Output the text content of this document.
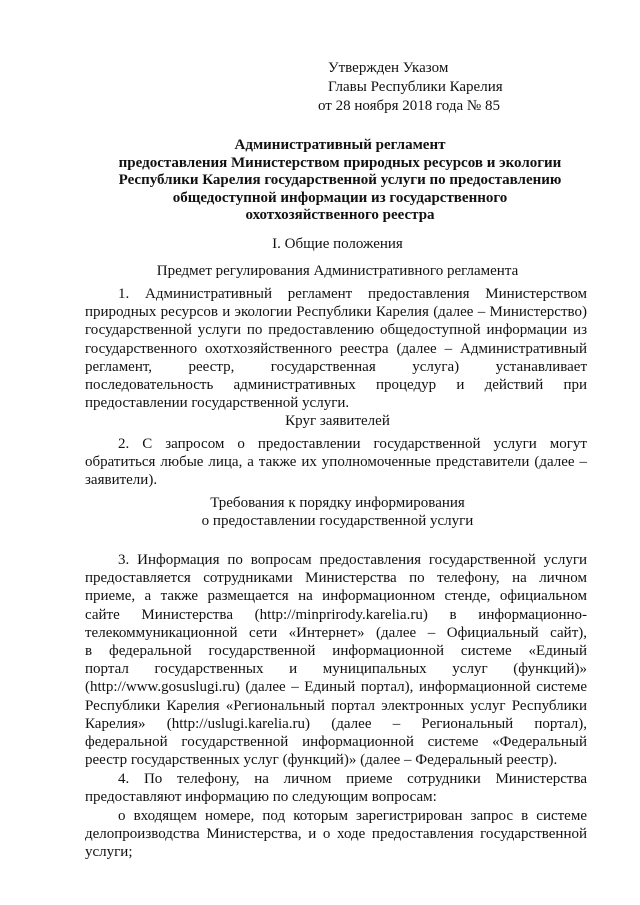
Утвержден Указом
Главы Республики Карелия
от 28 ноября 2018 года № 85
Административный регламент
предоставления Министерством природных ресурсов и экологии
Республики Карелия государственной услуги по предоставлению
общедоступной информации из государственного
охотхозяйственного реестра
I. Общие положения
Предмет регулирования Административного регламента
1. Административный регламент предоставления Министерством
природных ресурсов и экологии Республики Карелия (далее – Министерство)
государственной услуги по предоставлению общедоступной информации из
государственного охотхозяйственного реестра (далее – Административный
регламент, реестр, государственная услуга) устанавливает
последовательность административных процедур и действий при
предоставлении государственной услуги.
Круг заявителей
2. С запросом о предоставлении государственной услуги могут
обратиться любые лица, а также их уполномоченные представители (далее –
заявители).
Требования к порядку информирования
о предоставлении государственной услуги
3. Информация по вопросам предоставления государственной услуги
предоставляется сотрудниками Министерства по телефону, на личном
приеме, а также размещается на информационном стенде, официальном
сайте Министерства (http://minprirody.karelia.ru) в информационно-
телекоммуникационной сети «Интернет» (далее – Официальный сайт),
в федеральной государственной информационной системе «Единый
портал государственных и муниципальных услуг (функций)»
(http://www.gosuslugi.ru) (далее – Единый портал), информационной системе
Республики Карелия «Региональный портал электронных услуг Республики
Карелия» (http://uslugi.karelia.ru) (далее – Региональный портал),
федеральной государственной информационной системе «Федеральный
реестр государственных услуг (функций)» (далее – Федеральный реестр).
4. По телефону, на личном приеме сотрудники Министерства
предоставляют информацию по следующим вопросам:
о входящем номере, под которым зарегистрирован запрос в системе
делопроизводства Министерства, и о ходе предоставления государственной
услуги;
